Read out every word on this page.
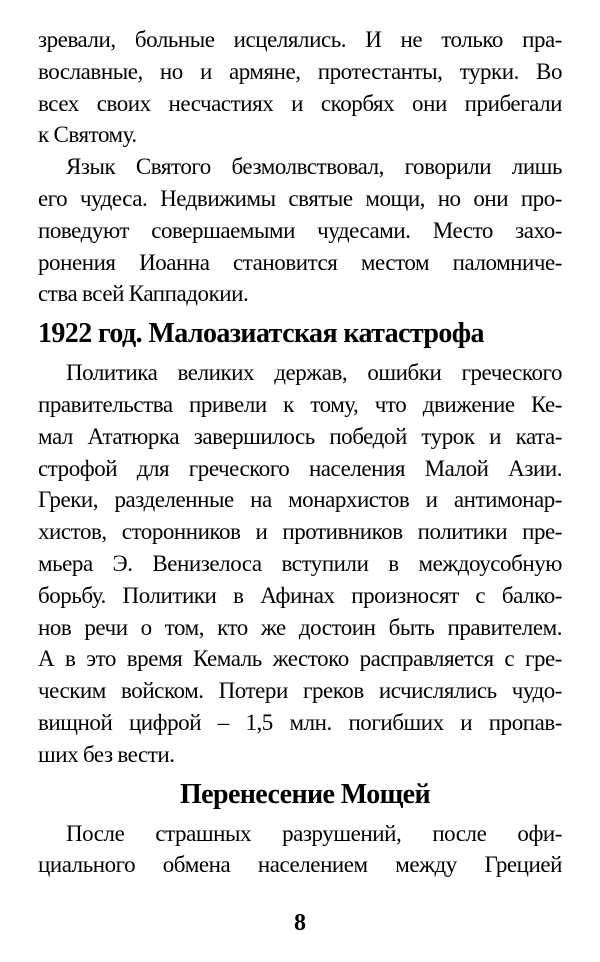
зревали, больные исцелялись. И не только пра-
вославные, но и армяне, протестанты, турки. Во
всех своих несчастиях и скорбях они прибегали
к Святому.
Язык Святого безмолвствовал, говорили лишь
его чудеса. Недвижимы святые мощи, но они про-
поведуют совершаемыми чудесами. Место захо-
ронения Иоанна становится местом паломниче-
ства всей Каппадокии.
1922 год. Малоазиатская катастрофа
Политика великих держав, ошибки греческого
правительства привели к тому, что движение Ке-
мал Ататюрка завершилось победой турок и ката-
строфой для греческого населения Малой Азии.
Греки, разделенные на монархистов и антимонар-
хистов, сторонников и противников политики пре-
мьера Э. Венизелоса вступили в междоусобную
борьбу. Политики в Афинах произносят с балко-
нов речи о том, кто же достоин быть правителем.
А в это время Кемаль жестоко расправляется с гре-
ческим войском. Потери греков исчислялись чудо-
вищной цифрой – 1,5 млн. погибших и пропав-
ших без вести.
Перенесение Мощей
После страшных разрушений, после офи-
циального обмена населением между Грецией
8
